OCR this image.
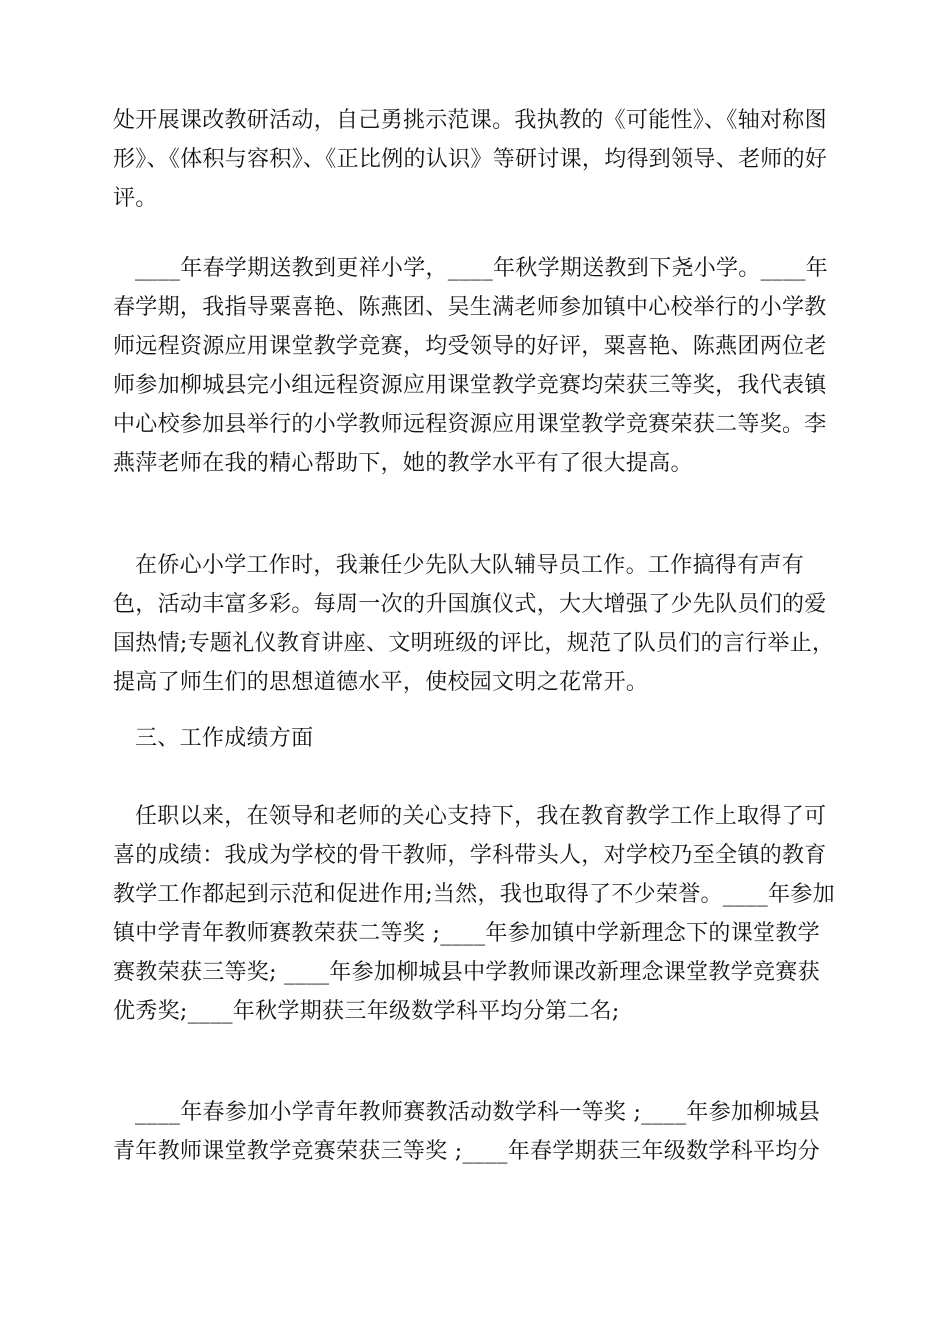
处开展课改教研活动，自己勇挑示范课。我执教的《可能性》、《轴对称图形》、《体积与容积》、《正比例的认识》等研讨课，均得到领导、老师的好评。
____年春学期送教到更祥小学，____年秋学期送教到下尧小学。____年春学期，我指导粟喜艳、陈燕团、吴生满老师参加镇中心校举行的小学教师远程资源应用课堂教学竞赛，均受领导的好评，粟喜艳、陈燕团两位老师参加柳城县完小组远程资源应用课堂教学竞赛均荣获三等奖，我代表镇中心校参加县举行的小学教师远程资源应用课堂教学竞赛荣获二等奖。李燕萍老师在我的精心帮助下，她的教学水平有了很大提高。
在侨心小学工作时，我兼任少先队大队辅导员工作。工作搞得有声有色，活动丰富多彩。每周一次的升国旗仪式，大大增强了少先队员们的爱国热情;专题礼仪教育讲座、文明班级的评比，规范了队员们的言行举止，提高了师生们的思想道德水平，使校园文明之花常开。
三、工作成绩方面
任职以来，在领导和老师的关心支持下，我在教育教学工作上取得了可喜的成绩：我成为学校的骨干教师，学科带头人，对学校乃至全镇的教育教学工作都起到示范和促进作用;当然，我也取得了不少荣誉。____年参加镇中学青年教师赛教荣获二等奖 ;____年参加镇中学新理念下的课堂教学赛教荣获三等奖; ____年参加柳城县中学教师课改新理念课堂教学竞赛获优秀奖;____年秋学期获三年级数学科平均分第二名;
____年春参加小学青年教师赛教活动数学科一等奖 ;____年参加柳城县青年教师课堂教学竞赛荣获三等奖 ;____年春学期获三年级数学科平均分
